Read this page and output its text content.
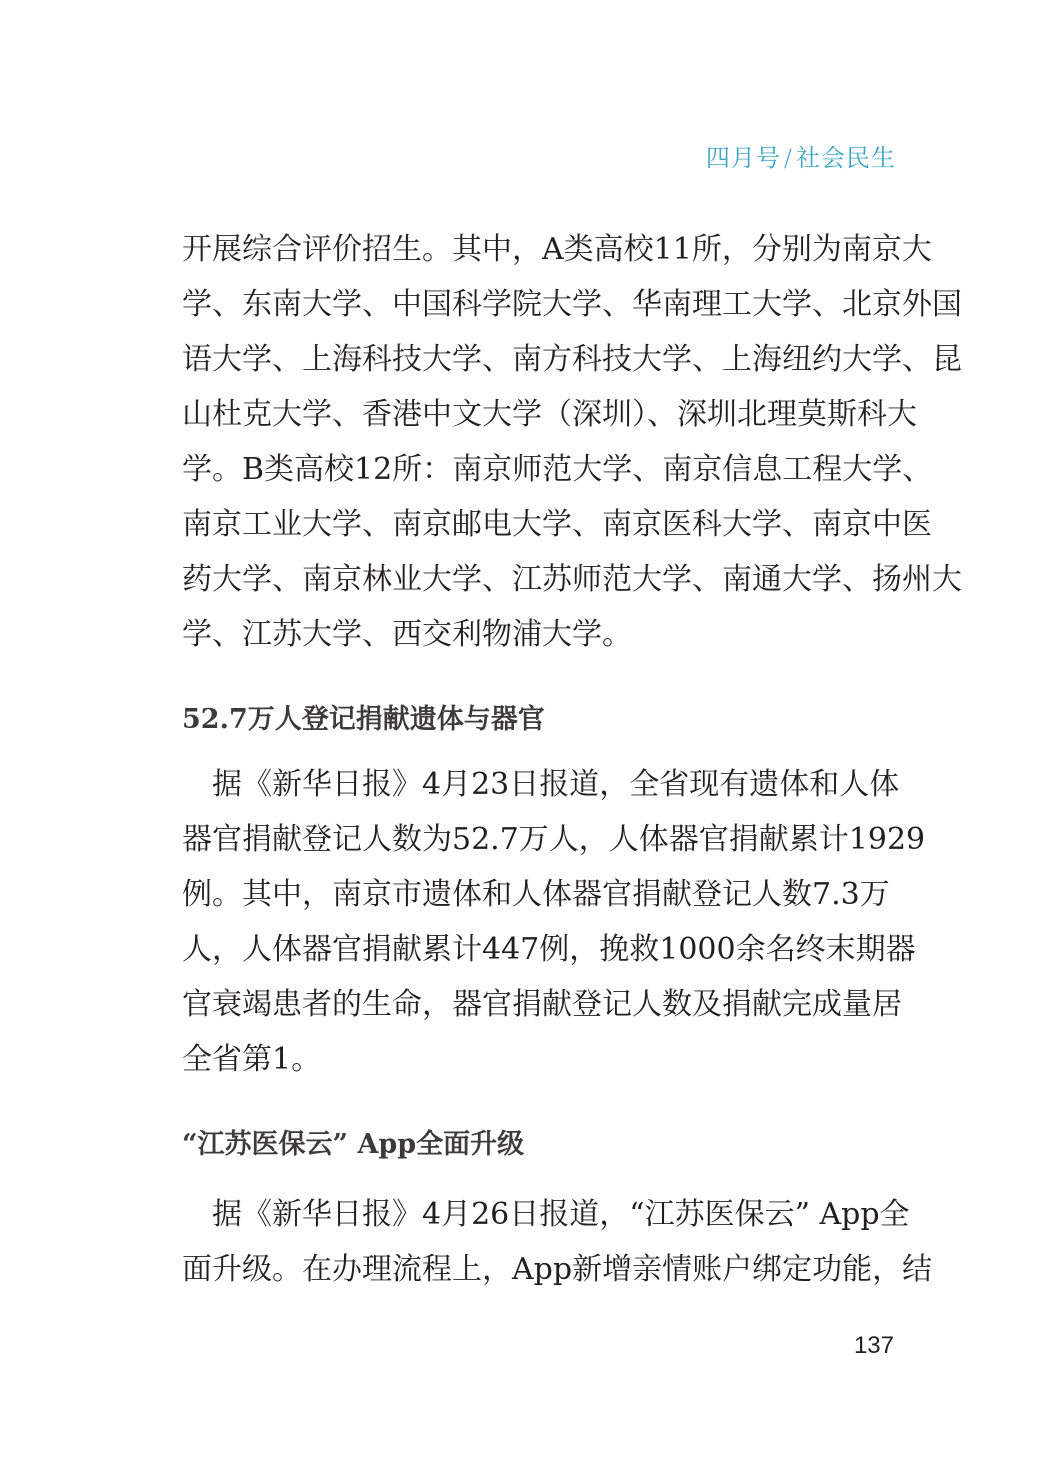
四月号 / 社会民生
开展综合评价招生。其中，A类高校11所，分别为南京大
学、东南大学、中国科学院大学、华南理工大学、北京外国
语大学、上海科技大学、南方科技大学、上海纽约大学、昆
山杜克大学、香港中文大学（深圳）、深圳北理莫斯科大
学。B类高校12所：南京师范大学、南京信息工程大学、
南京工业大学、南京邮电大学、南京医科大学、南京中医
药大学、南京林业大学、江苏师范大学、南通大学、扬州大
学、江苏大学、西交利物浦大学。
52.7万人登记捐献遗体与器官
　据《新华日报》4月23日报道，全省现有遗体和人体
器官捐献登记人数为52.7万人，人体器官捐献累计1929
例。其中，南京市遗体和人体器官捐献登记人数7.3万
人，人体器官捐献累计447例，挽救1000余名终末期器
官衰竭患者的生命，器官捐献登记人数及捐献完成量居
全省第1。
“江苏医保云” App全面升级
　据《新华日报》4月26日报道，“江苏医保云” App全
面升级。在办理流程上，App新增亲情账户绑定功能，结
137
